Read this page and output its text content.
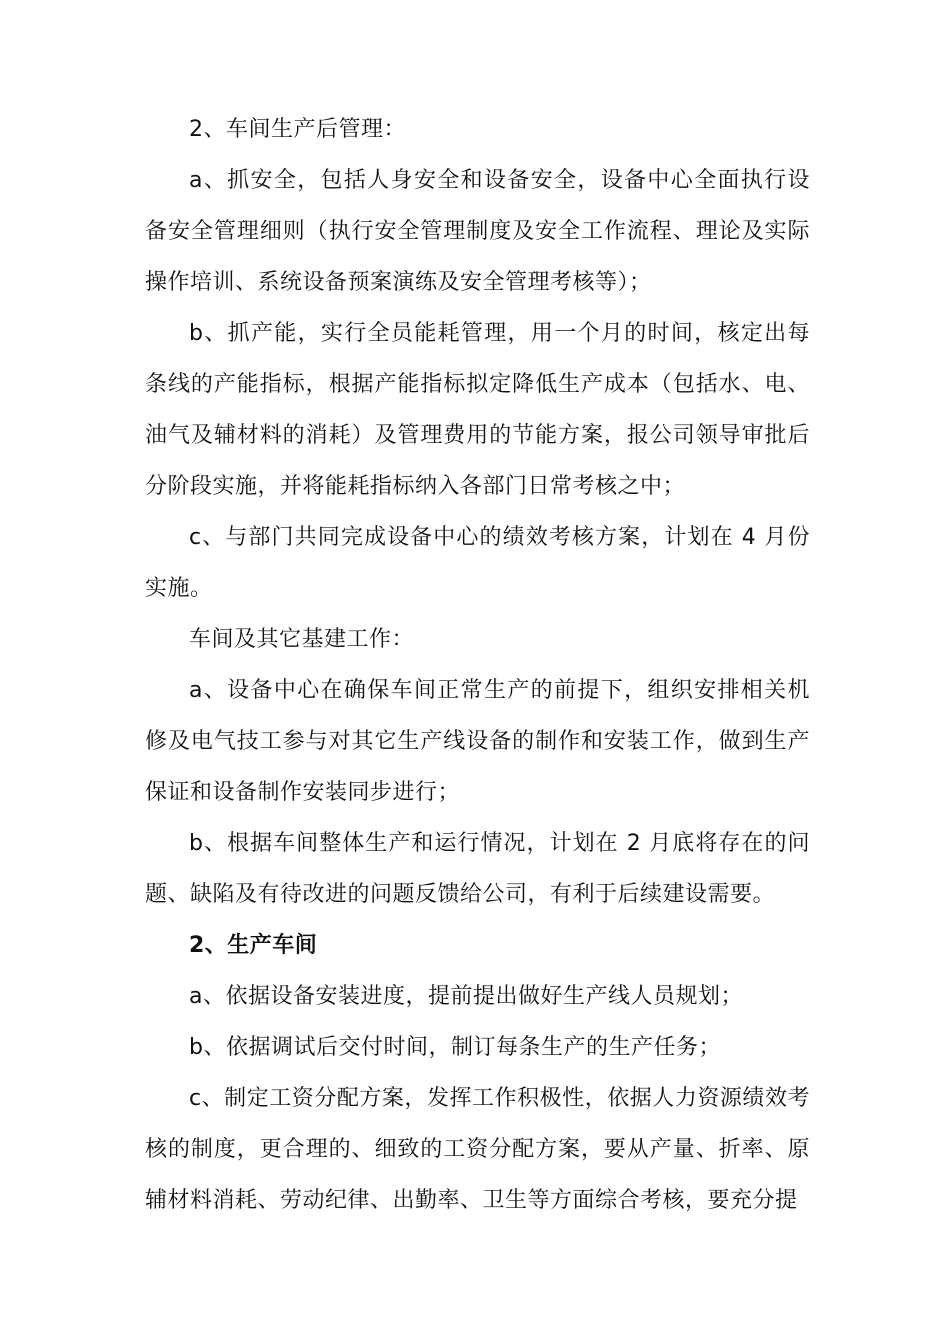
2、车间生产后管理：

a、抓安全，包括人身安全和设备安全，设备中心全面执行设备安全管理细则（执行安全管理制度及安全工作流程、理论及实际操作培训、系统设备预案演练及安全管理考核等）；

b、抓产能，实行全员能耗管理，用一个月的时间，核定出每条线的产能指标，根据产能指标拟定降低生产成本（包括水、电、油气及辅材料的消耗）及管理费用的节能方案，报公司领导审批后分阶段实施，并将能耗指标纳入各部门日常考核之中；

c、与部门共同完成设备中心的绩效考核方案，计划在 4 月份实施。

车间及其它基建工作：

a、设备中心在确保车间正常生产的前提下，组织安排相关机修及电气技工参与对其它生产线设备的制作和安装工作，做到生产保证和设备制作安装同步进行；

b、根据车间整体生产和运行情况，计划在 2 月底将存在的问题、缺陷及有待改进的问题反馈给公司，有利于后续建设需要。

2、生产车间

a、依据设备安装进度，提前提出做好生产线人员规划；

b、依据调试后交付时间，制订每条生产的生产任务；

c、制定工资分配方案，发挥工作积极性，依据人力资源绩效考核的制度，更合理的、细致的工资分配方案，要从产量、折率、原辅材料消耗、劳动纪律、出勤率、卫生等方面综合考核，要充分提
